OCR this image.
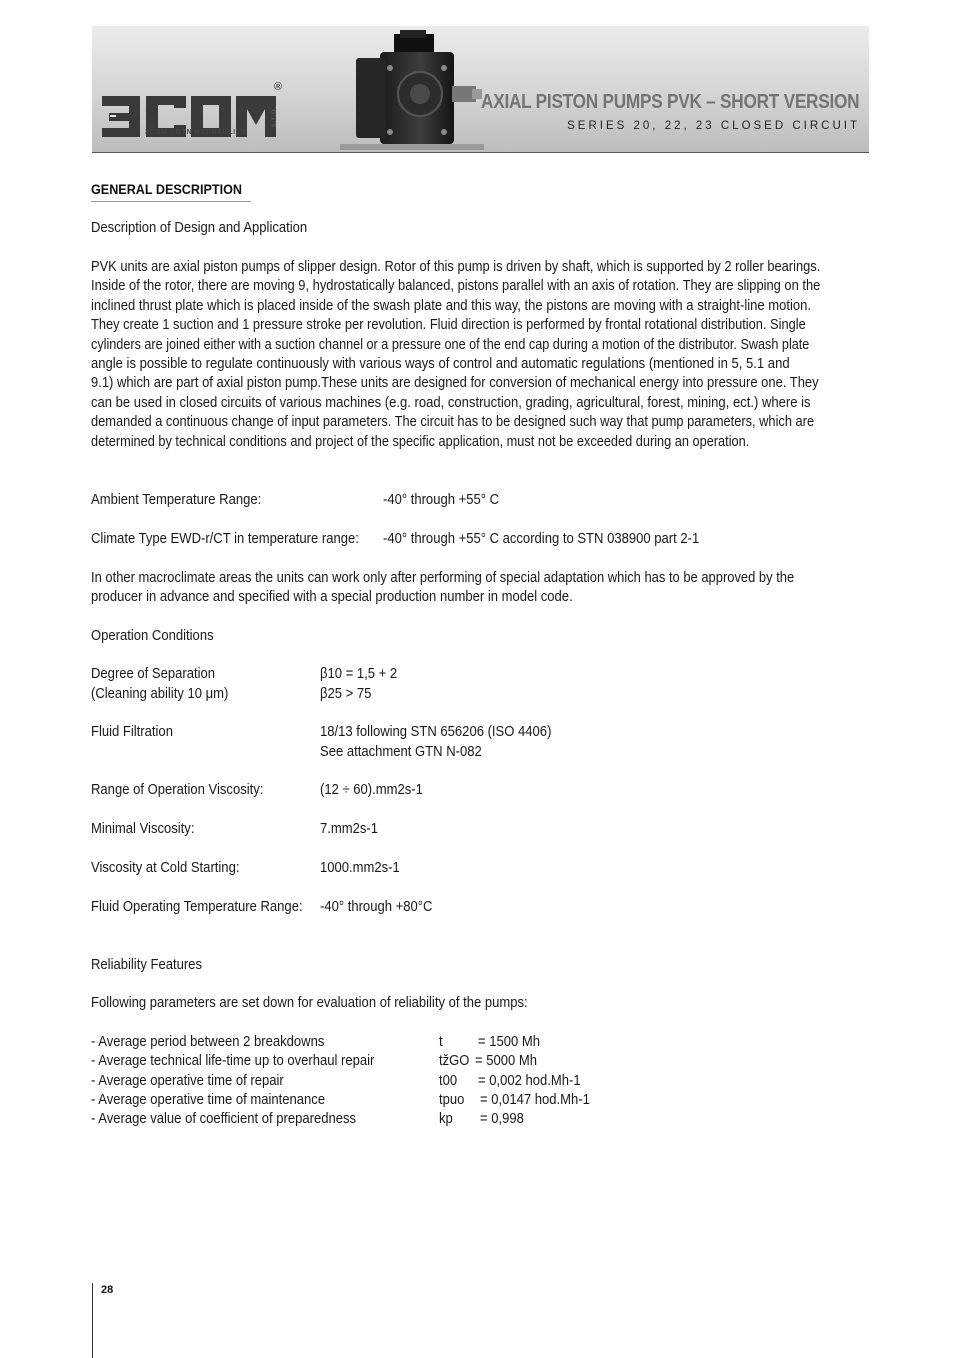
®
s.r.o.
3COM - GTN HYDRAULICS
AXIAL PISTON PUMPS PVK – SHORT VERSION
SERIES 20, 22, 23 CLOSED CIRCUIT
GENERAL DESCRIPTION
Description of Design and Application
PVK units are axial piston pumps of slipper design. Rotor of this pump is driven by shaft, which is supported by 2 roller bearings.
Inside of the rotor, there are moving 9, hydrostatically balanced, pistons parallel with an axis of rotation. They are slipping on the
inclined thrust plate which is placed inside of the swash plate and this way, the pistons are moving with a straight-line motion.
They create 1 suction and 1 pressure stroke per revolution. Fluid direction is performed by frontal rotational distribution. Single
cylinders are joined either with a suction channel or a pressure one of the end cap during a motion of the distributor. Swash plate
angle is possible to regulate continuously with various ways of control and automatic regulations (mentioned in 5, 5.1 and
9.1) which are part of axial piston pump.These units are designed for conversion of mechanical energy into pressure one. They
can be used in closed circuits of various machines (e.g. road, construction, grading, agricultural, forest, mining, ect.) where is
demanded a continuous change of input parameters. The circuit has to be designed such way that pump parameters, which are
determined by technical conditions and project of the specific application, must not be exceeded during an operation.
Ambient Temperature Range:	-40° through +55° C
Climate Type EWD-r/CT in temperature range: -40° through +55° C according to STN 038900 part 2-1
In other macroclimate areas the units can work only after performing of special adaptation which has to be approved by the
producer in advance and specified with a special production number in model code.
Operation Conditions
Degree of Separation	β10 = 1,5 + 2
(Cleaning ability 10 μm)	β25 > 75
Fluid Filtration	18/13 following STN 656206 (ISO 4406)
See attachment GTN N-082
Range of Operation Viscosity:	(12 ÷ 60).mm2s-1
Minimal Viscosity:	7.mm2s-1
Viscosity at Cold Starting:	1000.mm2s-1
Fluid Operating Temperature Range: -40° through +80°C
Reliability Features
Following parameters are set down for evaluation of reliability of the pumps:
- Average period between 2 breakdowns	t = 1500 Mh
- Average technical life-time up to overhaul repair	tžGO = 5000 Mh
- Average operative time of repair	t00 = 0,002 hod.Mh-1
- Average operative time of maintenance	tpuo = 0,0147 hod.Mh-1
- Average value of coefficient of preparedness	kp = 0,998
28
